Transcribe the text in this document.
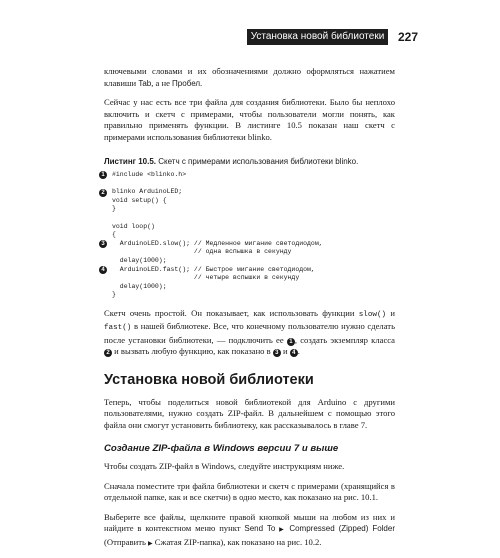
Установка новой библиотеки	227

ключевыми словами и их обозначениями должно оформляться нажатием клавиши Tab, а не Пробел.

Сейчас у нас есть все три файла для создания библиотеки. Было бы неплохо включить и скетч с примерами, чтобы пользователи могли понять, как правильно применять функции. В листинге 10.5 показан наш скетч с примерами использования библиотеки blinko.

Листинг 10.5. Скетч с примерами использования библиотеки blinko.
1	#include <blinko.h>
2	blinko ArduinoLED;
void setup() {
}
void loop()
{
3	ArduinoLED.slow(); // Медленное мигание светодиодом,
// одна вспышка в секунду
delay(1000);
4	ArduinoLED.fast(); // Быстрое мигание светодиодом,
// четыре вспышки в секунду
delay(1000);
}

Скетч очень простой. Он показывает, как использовать функции slow() и fast() в нашей библиотеке. Все, что конечному пользователю нужно сделать после установки библиотеки, — подключить ее 1 , создать экземпляр класса 2 и вызвать любую функцию, как показано в 3 и 4 .

Установка новой библиотеки

Теперь, чтобы поделиться новой библиотекой для Arduino с другими пользователями, нужно создать ZIP-файл. В дальнейшем с помощью этого файла они смогут установить библиотеку, как рассказывалось в главе 7.

Создание ZIP-файла в Windows версии 7 и выше

Чтобы создать ZIP-файл в Windows, следуйте инструкциям ниже.

Сначала поместите три файла библиотеки и скетч с примерами (хранящийся в отдельной папке, как и все скетчи) в одно место, как показано на рис. 10.1.

Выберите все файлы, щелкните правой кнопкой мыши на любом из них и найдите в контекстном меню пункт Send To ▶ Compressed (Zipped) Folder (Отправить ▶ Сжатая ZIP-папка), как показано на рис. 10.2.
